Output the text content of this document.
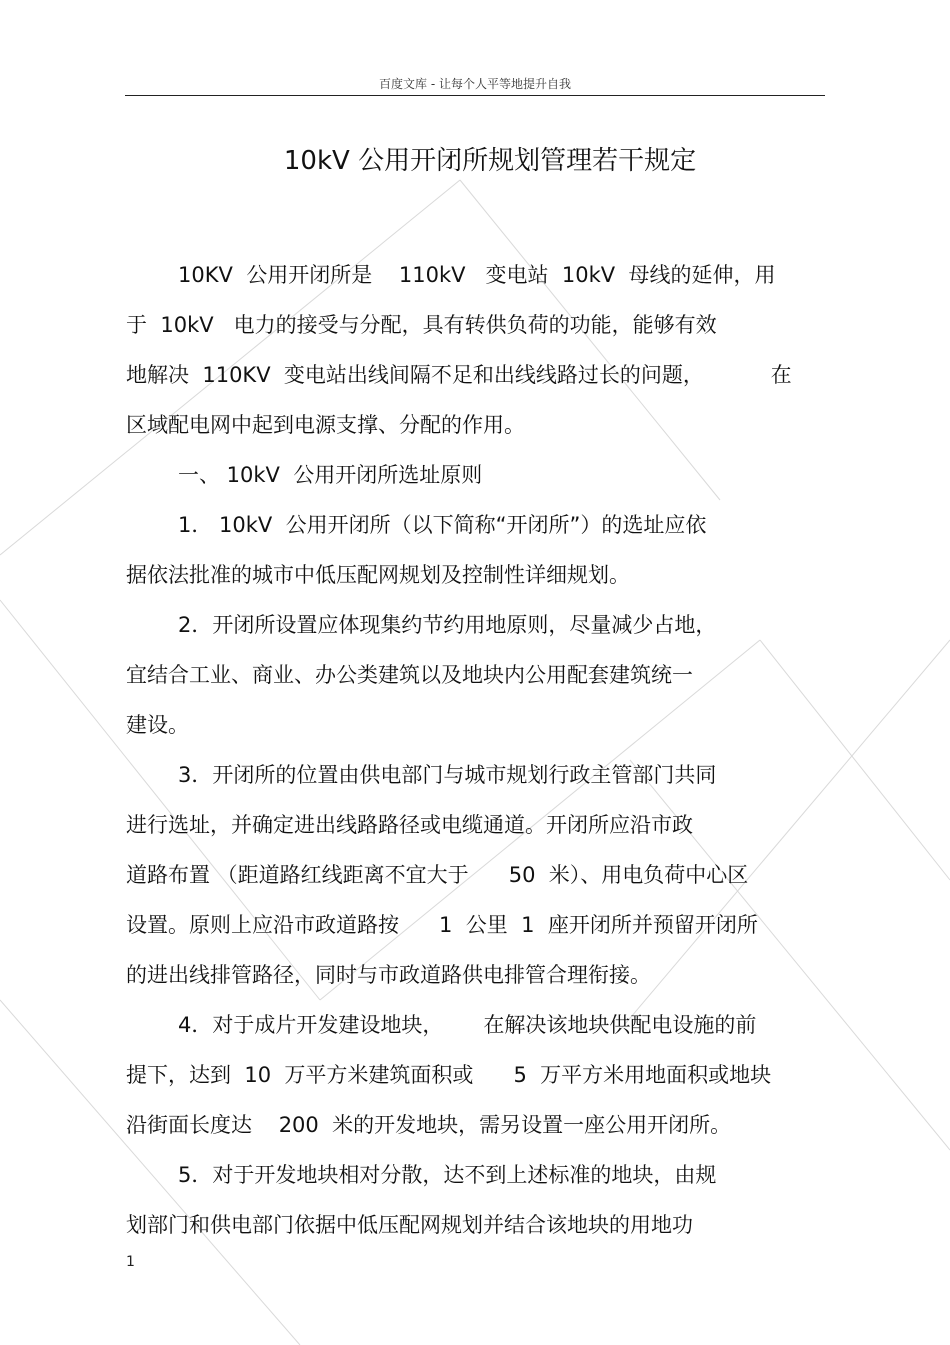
百度文库 - 让每个人平等地提升自我
10kV 公用开闭所规划管理若干规定
10KV  公用开闭所是    110kV   变电站  10kV  母线的延伸，用
于  10kV   电力的接受与分配，具有转供负荷的功能，能够有效
地解决  110KV  变电站出线间隔不足和出线线路过长的问题，          在
区域配电网中起到电源支撑、分配的作用。
一、 10kV  公用开闭所选址原则
1． 10kV  公用开闭所（以下简称“开闭所”）的选址应依
据依法批准的城市中低压配网规划及控制性详细规划。
2．开闭所设置应体现集约节约用地原则，尽量减少占地，
宜结合工业、商业、办公类建筑以及地块内公用配套建筑统一
建设。
3．开闭所的位置由供电部门与城市规划行政主管部门共同
进行选址，并确定进出线路路径或电缆通道。开闭所应沿市政
道路布置 （距道路红线距离不宜大于      50  米）、用电负荷中心区
设置。原则上应沿市政道路按      1  公里  1  座开闭所并预留开闭所
的进出线排管路径，同时与市政道路供电排管合理衔接。
4．对于成片开发建设地块，      在解决该地块供配电设施的前
提下，达到  10  万平方米建筑面积或      5  万平方米用地面积或地块
沿街面长度达    200  米的开发地块，需另设置一座公用开闭所。
5．对于开发地块相对分散，达不到上述标准的地块，由规
划部门和供电部门依据中低压配网规划并结合该地块的用地功
1
